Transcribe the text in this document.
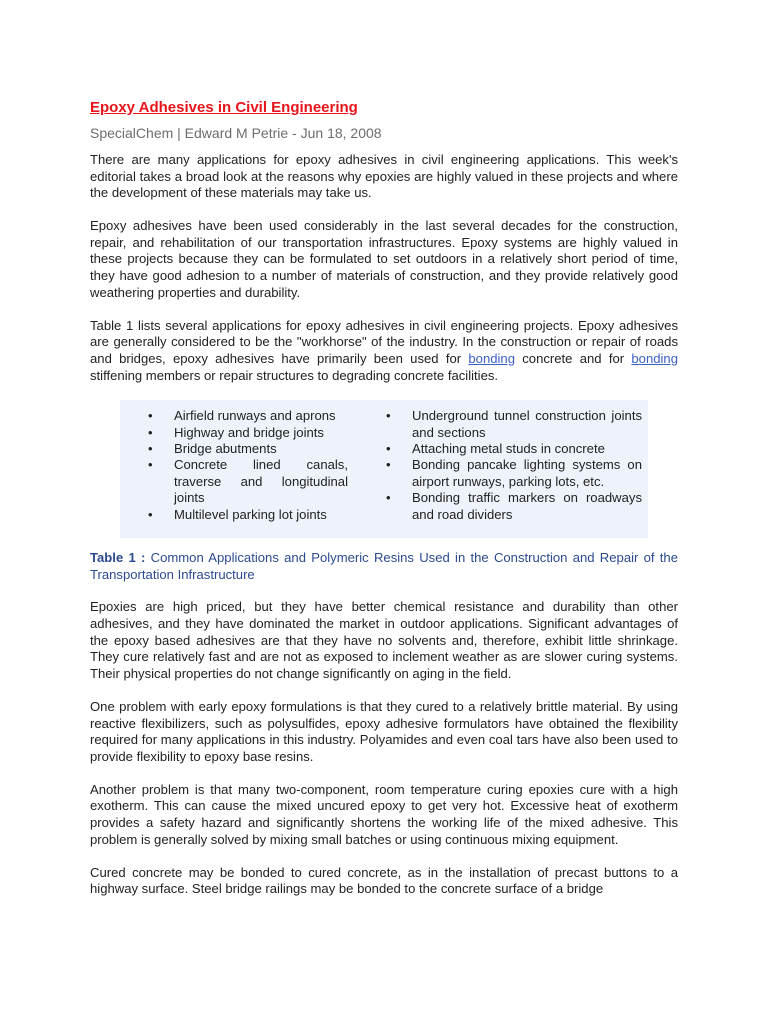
Epoxy Adhesives in Civil Engineering
SpecialChem | Edward M Petrie - Jun 18, 2008

There are many applications for epoxy adhesives in civil engineering applications. This week's editorial takes a broad look at the reasons why epoxies are highly valued in these projects and where the development of these materials may take us.

Epoxy adhesives have been used considerably in the last several decades for the construction, repair, and rehabilitation of our transportation infrastructures. Epoxy systems are highly valued in these projects because they can be formulated to set outdoors in a relatively short period of time, they have good adhesion to a number of materials of construction, and they provide relatively good weathering properties and durability.

Table 1 lists several applications for epoxy adhesives in civil engineering projects. Epoxy adhesives are generally considered to be the "workhorse" of the industry. In the construction or repair of roads and bridges, epoxy adhesives have primarily been used for bonding concrete and for bonding stiffening members or repair structures to degrading concrete facilities.

• Airfield runways and aprons
• Highway and bridge joints
• Bridge abutments
• Concrete lined canals, traverse and longitudinal joints
• Multilevel parking lot joints
• Underground tunnel construction joints and sections
• Attaching metal studs in concrete
• Bonding pancake lighting systems on airport runways, parking lots, etc.
• Bonding traffic markers on roadways and road dividers

Table 1 : Common Applications and Polymeric Resins Used in the Construction and Repair of the Transportation Infrastructure

Epoxies are high priced, but they have better chemical resistance and durability than other adhesives, and they have dominated the market in outdoor applications. Significant advantages of the epoxy based adhesives are that they have no solvents and, therefore, exhibit little shrinkage. They cure relatively fast and are not as exposed to inclement weather as are slower curing systems. Their physical properties do not change significantly on aging in the field.

One problem with early epoxy formulations is that they cured to a relatively brittle material. By using reactive flexibilizers, such as polysulfides, epoxy adhesive formulators have obtained the flexibility required for many applications in this industry. Polyamides and even coal tars have also been used to provide flexibility to epoxy base resins.

Another problem is that many two-component, room temperature curing epoxies cure with a high exotherm. This can cause the mixed uncured epoxy to get very hot. Excessive heat of exotherm provides a safety hazard and significantly shortens the working life of the mixed adhesive. This problem is generally solved by mixing small batches or using continuous mixing equipment.

Cured concrete may be bonded to cured concrete, as in the installation of precast buttons to a highway surface. Steel bridge railings may be bonded to the concrete surface of a bridge
